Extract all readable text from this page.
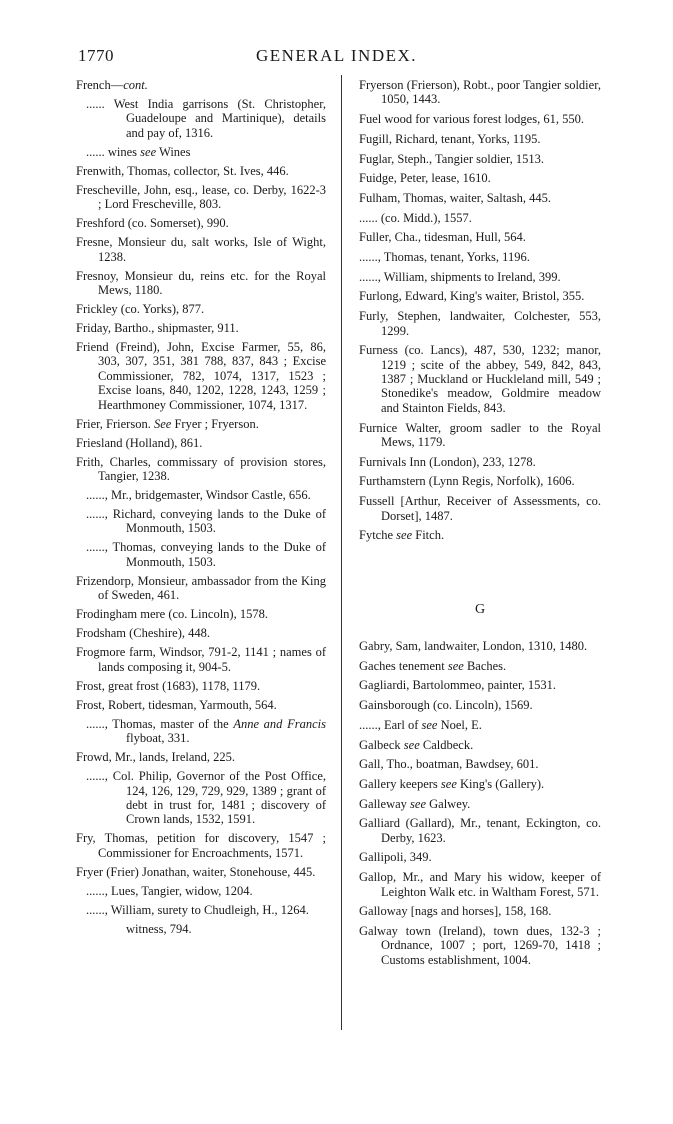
1770	GENERAL INDEX.
French—cont.
...... West India garrisons (St. Christopher, Guadeloupe and Martinique), details and pay of, 1316.
...... wines see Wines
Frenwith, Thomas, collector, St. Ives, 446.
Frescheville, John, esq., lease, co. Derby, 1622-3 ; Lord Frescheville, 803.
Freshford (co. Somerset), 990.
Fresne, Monsieur du, salt works, Isle of Wight, 1238.
Fresnoy, Monsieur du, reins etc. for the Royal Mews, 1180.
Frickley (co. Yorks), 877.
Friday, Bartho., shipmaster, 911.
Friend (Freind), John, Excise Farmer, 55, 86, 303, 307, 351, 381 788, 837, 843 ; Excise Commissioner, 782, 1074, 1317, 1523 ; Excise loans, 840, 1202, 1228, 1243, 1259 ; Hearthmoney Commissioner, 1074, 1317.
Frier, Frierson. See Fryer ; Fryerson.
Friesland (Holland), 861.
Frith, Charles, commissary of provision stores, Tangier, 1238.
......, Mr., bridgemaster, Windsor Castle, 656.
......, Richard, conveying lands to the Duke of Monmouth, 1503.
......, Thomas, conveying lands to the Duke of Monmouth, 1503.
Frizendorp, Monsieur, ambassador from the King of Sweden, 461.
Frodingham mere (co. Lincoln), 1578.
Frodsham (Cheshire), 448.
Frogmore farm, Windsor, 791-2, 1141 ; names of lands composing it, 904-5.
Frost, great frost (1683), 1178, 1179.
Frost, Robert, tidesman, Yarmouth, 564.
......, Thomas, master of the Anne and Francis flyboat, 331.
Frowd, Mr., lands, Ireland, 225.
......, Col. Philip, Governor of the Post Office, 124, 126, 129, 729, 929, 1389 ; grant of debt in trust for, 1481 ; discovery of Crown lands, 1532, 1591.
Fry, Thomas, petition for discovery, 1547 ; Commissioner for Encroachments, 1571.
Fryer (Frier) Jonathan, waiter, Stonehouse, 445.
......, Lues, Tangier, widow, 1204.
......, William, surety to Chudleigh, H., 1264.
witness, 794.
Fryerson (Frierson), Robt., poor Tangier soldier, 1050, 1443.
Fuel wood for various forest lodges, 61, 550.
Fugill, Richard, tenant, Yorks, 1195.
Fuglar, Steph., Tangier soldier, 1513.
Fuidge, Peter, lease, 1610.
Fulham, Thomas, waiter, Saltash, 445.
...... (co. Midd.), 1557.
Fuller, Cha., tidesman, Hull, 564.
......, Thomas, tenant, Yorks, 1196.
......, William, shipments to Ireland, 399.
Furlong, Edward, King's waiter, Bristol, 355.
Furly, Stephen, landwaiter, Colchester, 553, 1299.
Furness (co. Lancs), 487, 530, 1232; manor, 1219 ; scite of the abbey, 549, 842, 843, 1387 ; Muckland or Huckleland mill, 549 ; Stonedike's meadow, Goldmire meadow and Stainton Fields, 843.
Furnice Walter, groom sadler to the Royal Mews, 1179.
Furnivals Inn (London), 233, 1278.
Furthamstern (Lynn Regis, Norfolk), 1606.
Fussell [Arthur, Receiver of Assessments, co. Dorset], 1487.
Fytche see Fitch.
G
Gabry, Sam, landwaiter, London, 1310, 1480.
Gaches tenement see Baches.
Gagliardi, Bartolommeo, painter, 1531.
Gainsborough (co. Lincoln), 1569.
......, Earl of see Noel, E.
Galbeck see Caldbeck.
Gall, Tho., boatman, Bawdsey, 601.
Gallery keepers see King's (Gallery).
Galleway see Galwey.
Galliard (Gallard), Mr., tenant, Eckington, co. Derby, 1623.
Gallipoli, 349.
Gallop, Mr., and Mary his widow, keeper of Leighton Walk etc. in Waltham Forest, 571.
Galloway [nags and horses], 158, 168.
Galway town (Ireland), town dues, 132-3 ; Ordnance, 1007 ; port, 1269-70, 1418 ; Customs establishment, 1004.
